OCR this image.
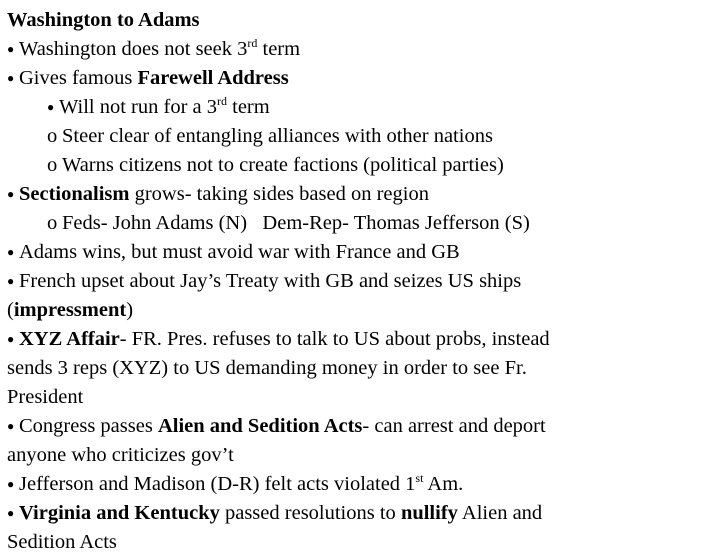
Washington to Adams
● Washington does not seek 3rd term
● Gives famous Farewell Address
● Will not run for a 3rd term
o Steer clear of entangling alliances with other nations
o Warns citizens not to create factions (political parties)
● Sectionalism grows- taking sides based on region
o Feds- John Adams (N)   Dem-Rep- Thomas Jefferson (S)
● Adams wins, but must avoid war with France and GB
● French upset about Jay’s Treaty with GB and seizes US ships
(impressment)
● XYZ Affair- FR. Pres. refuses to talk to US about probs, instead
sends 3 reps (XYZ) to US demanding money in order to see Fr.
President
● Congress passes Alien and Sedition Acts- can arrest and deport
anyone who criticizes gov’t
● Jefferson and Madison (D-R) felt acts violated 1st Am.
● Virginia and Kentucky passed resolutions to nullify Alien and
Sedition Acts
